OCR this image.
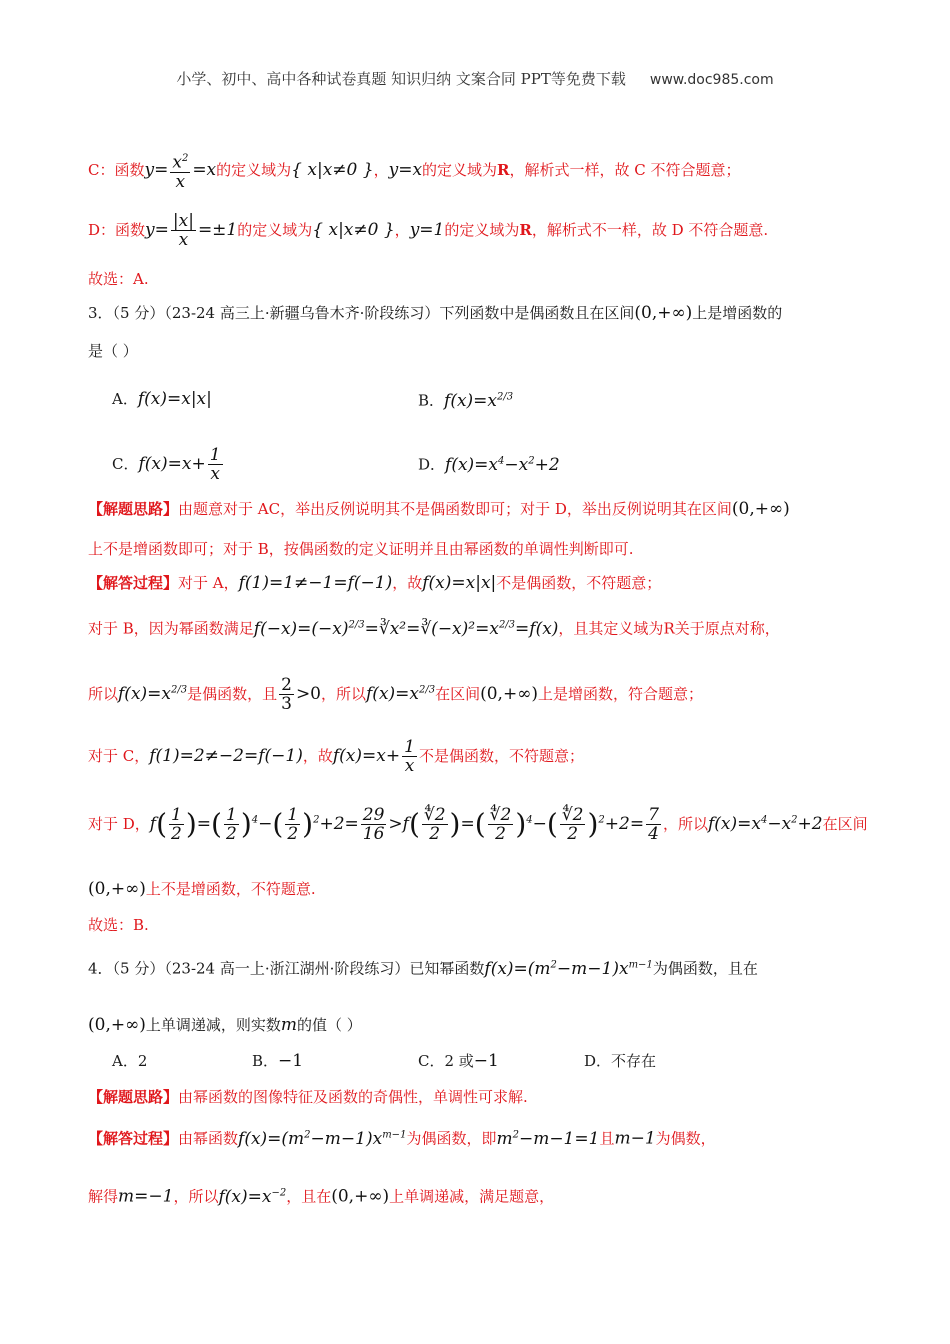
小学、初中、高中各种试卷真题 知识归纳 文案合同 PPT等免费下载 www.doc985.com
C：函数$y= \frac{x^2}{x} =x$的定义域为{ x|x≠0 }，y=x的定义域为R，解析式一样，故 C 不符合题意；
D：函数$y= \frac{|x|}{x} =\pm 1$的定义域为{ x|x≠0 }，y=1的定义域为R，解析式不一样，故 D 不符合题意.
故选：A.
3．（5 分）（23-24 高三上·新疆乌鲁木齐·阶段练习）下列函数中是偶函数且在区间(0,+∞)上是增函数的
是（ ）
A．f(x)=x|x|	B．$f(x)=x^{2/3}$
C．$f(x)=x+ \frac{1}{x}$	D．$f(x)=x^4-x^2+2$
【解题思路】由题意对于 AC，举出反例说明其不是偶函数即可；对于 D，举出反例说明其在区间(0,+∞)
上不是增函数即可；对于 B，按偶函数的定义证明并且由幂函数的单调性判断即可.
【解答过程】对于 A，f(1)=1≠−1=f(−1)，故f(x)=x|x|不是偶函数，不符题意；
对于 B，因为幂函数满足$f(-x)=(-x)^{2/3}=∛x^2=∛(-x)^2=x^{2/3}=f(x)$，且其定义域为R关于原点对称，
所以$f(x)=x^{2/3}$是偶函数，且 $\frac{2}{3} >0$，所以$f(x)=x^{2/3}$在区间(0,+∞)上是增函数，符合题意；
对于 C，f(1)=2≠−2=f(−1)，故$f(x)=x+ \frac{1}{x}$ 不是偶函数，不符题意；
对于 D，$f( \frac{1}{2}$ )=( $\frac{1}{2} )^4-( \frac{1}{2} )^2+2= \frac{29}{16} >f( \frac{∜2}{2}$ )=( $\frac{∜2}{2} )^4-( \frac{∜2}{2} )^2+2= \frac{7}{4}$ ，所以$f(x)=x^4-x^2+2$在区间
(0,+∞)上不是增函数，不符题意.
故选：B.
4．（5 分）（23-24 高一上·浙江湖州·阶段练习）已知幂函数$f(x)=(m^2-m-1)x^{m-1}$为偶函数，且在
(0,+∞)上单调递减，则实数m的值（ ）
A．2	B．−1	C．2 或−1	D．不存在
【解题思路】由幂函数的图像特征及函数的奇偶性，单调性可求解.
【解答过程】由幂函数$f(x)=(m^2-m-1)x^{m-1}$为偶函数，即$m^2-m-1=1$且m−1为偶数，
解得m=−1，所以$f(x)=x^{-2}$，且在(0,+∞)上单调递减，满足题意，
